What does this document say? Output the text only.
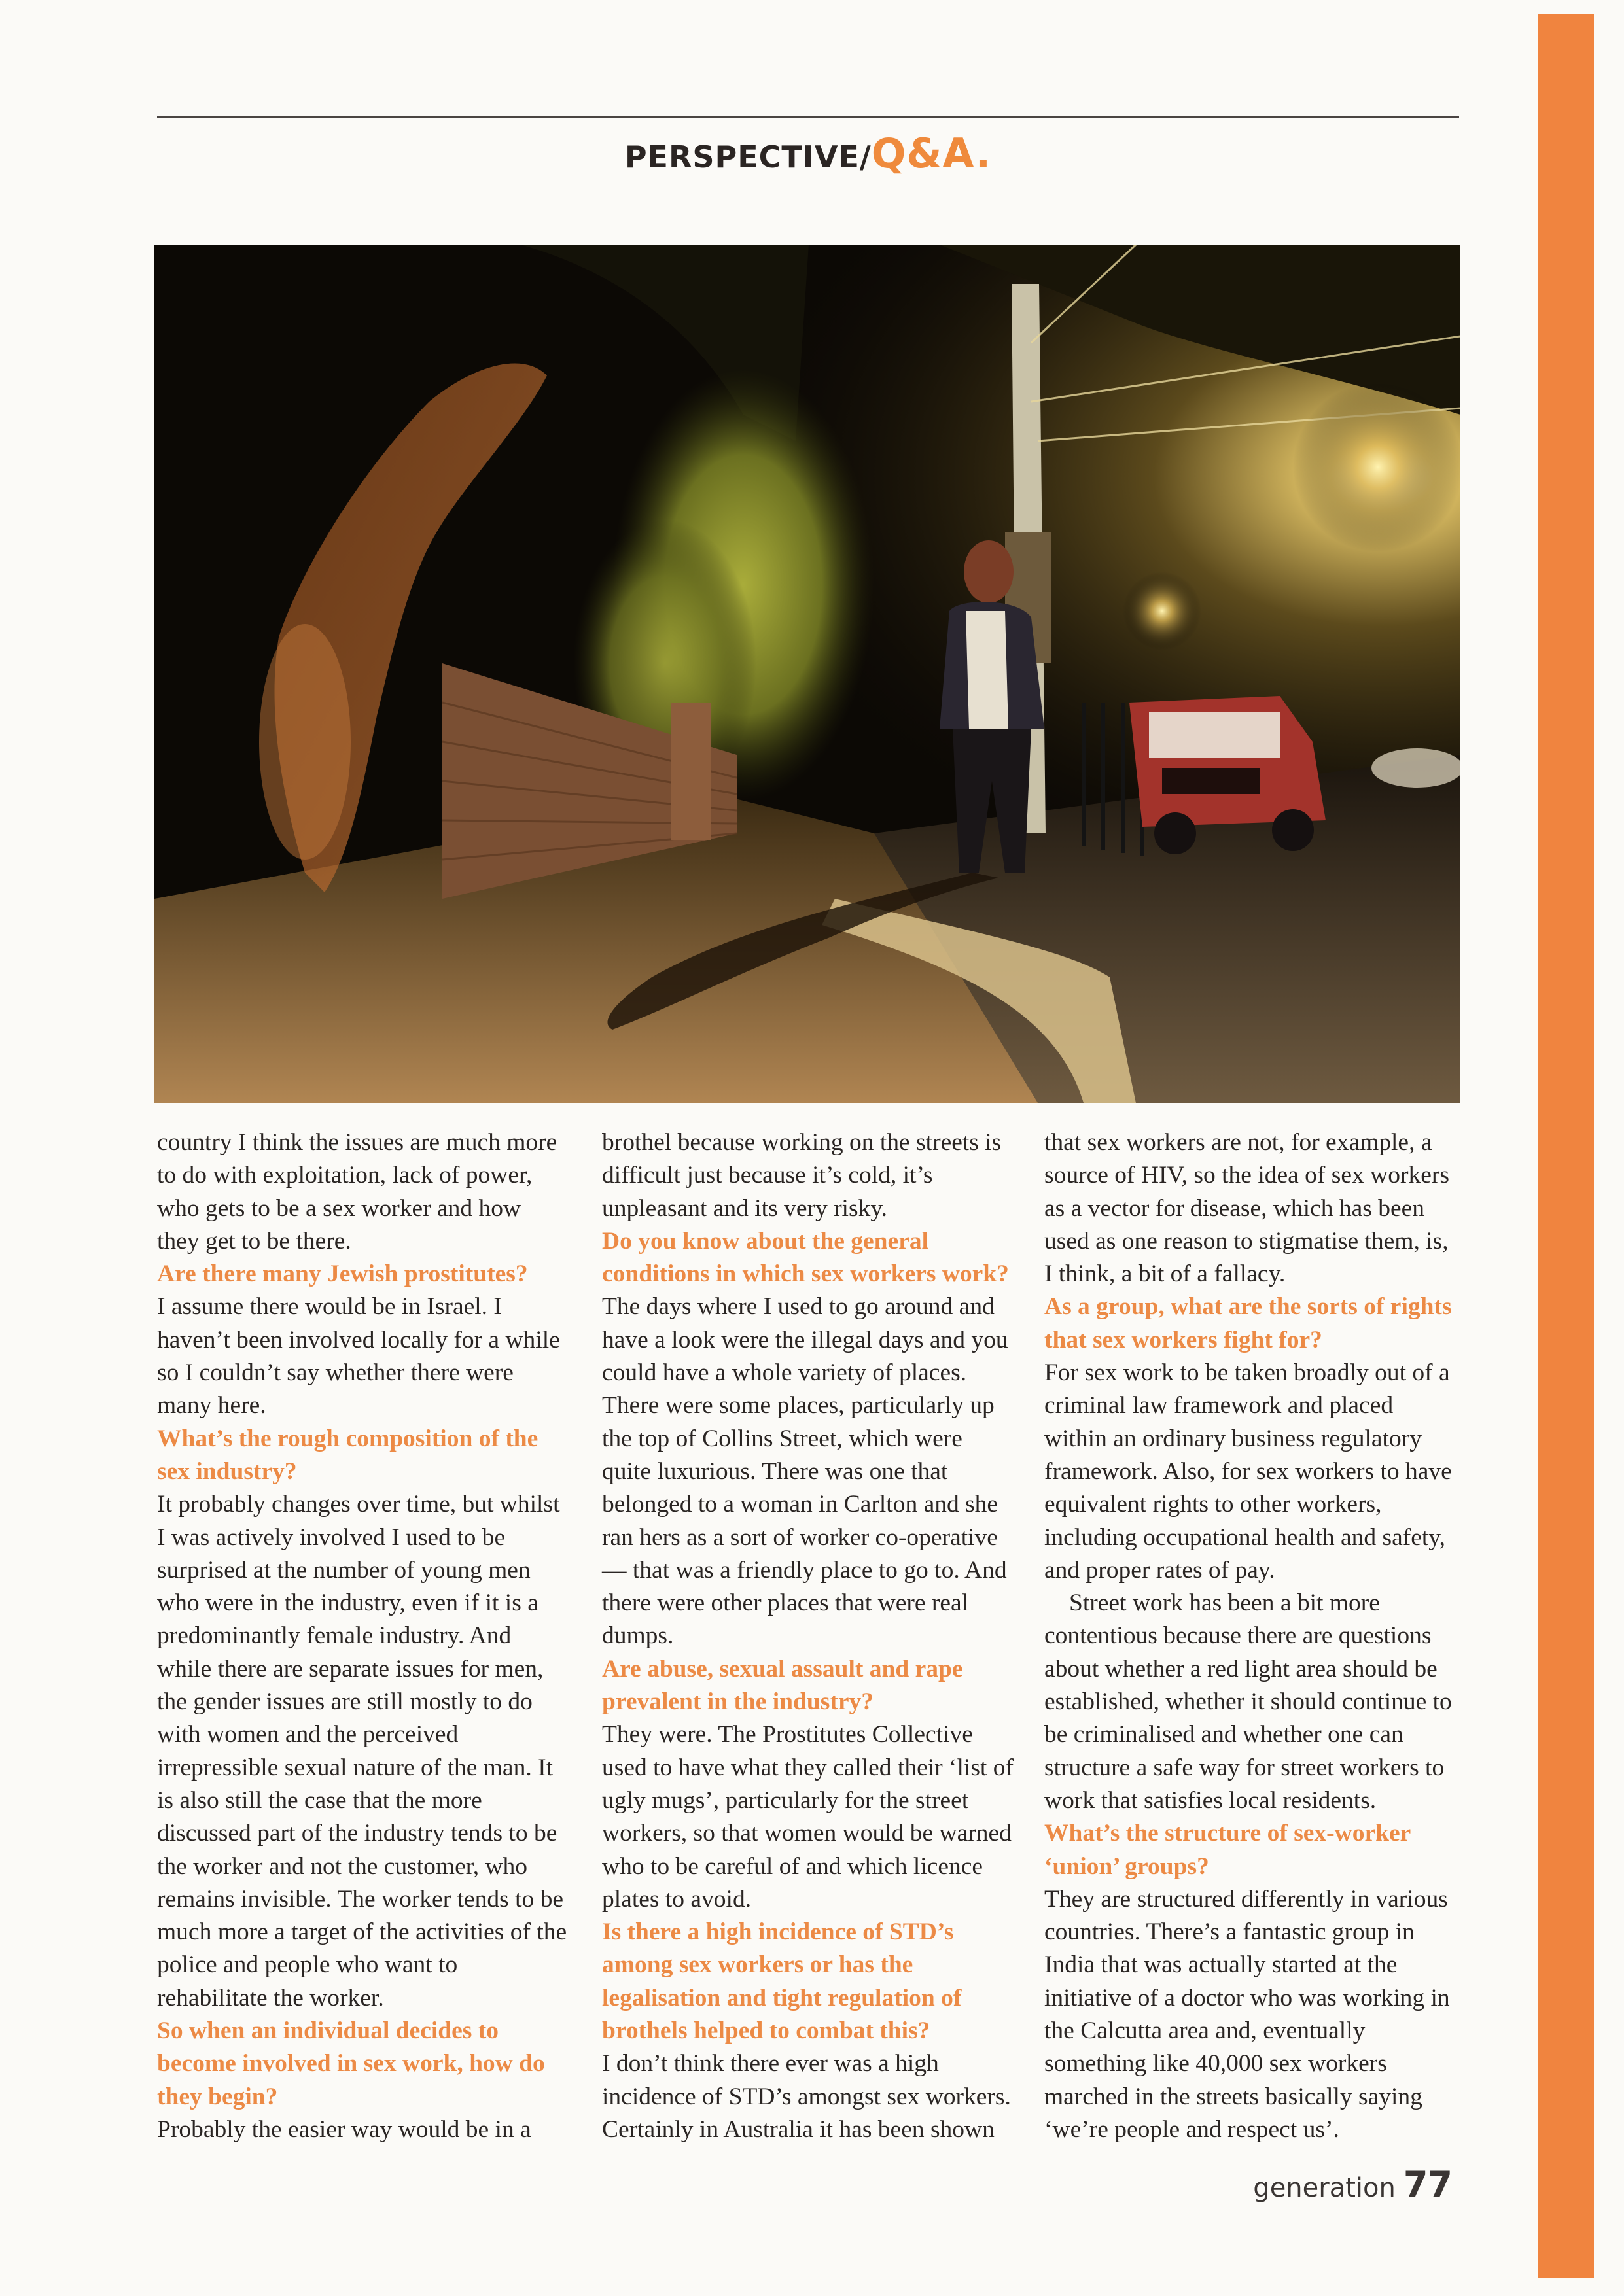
PERSPECTIVE/Q&A.

country I think the issues are much more to do with exploitation, lack of power, who gets to be a sex worker and how they get to be there.

Are there many Jewish prostitutes?

I assume there would be in Israel. I haven’t been involved locally for a while so I couldn’t say whether there were many here.

What’s the rough composition of the sex industry?

It probably changes over time, but whilst I was actively involved I used to be surprised at the number of young men who were in the industry, even if it is a predominantly female industry. And while there are separate issues for men, the gender issues are still mostly to do with women and the perceived irrepressible sexual nature of the man. It is also still the case that the more discussed part of the industry tends to be the worker and not the customer, who remains invisible. The worker tends to be much more a target of the activities of the police and people who want to rehabilitate the worker.

So when an individual decides to become involved in sex work, how do they begin?

Probably the easier way would be in a

brothel because working on the streets is difficult just because it’s cold, it’s unpleasant and its very risky.

Do you know about the general conditions in which sex workers work?

The days where I used to go around and have a look were the illegal days and you could have a whole variety of places. There were some places, particularly up the top of Collins Street, which were quite luxurious. There was one that belonged to a woman in Carlton and she ran hers as a sort of worker co-operative — that was a friendly place to go to. And there were other places that were real dumps.

Are abuse, sexual assault and rape prevalent in the industry?

They were. The Prostitutes Collective used to have what they called their ‘list of ugly mugs’, particularly for the street workers, so that women would be warned who to be careful of and which licence plates to avoid.

Is there a high incidence of STD’s among sex workers or has the legalisation and tight regulation of brothels helped to combat this?

I don’t think there ever was a high incidence of STD’s amongst sex workers. Certainly in Australia it has been shown

that sex workers are not, for example, a source of HIV, so the idea of sex workers as a vector for disease, which has been used as one reason to stigmatise them, is, I think, a bit of a fallacy.

As a group, what are the sorts of rights that sex workers fight for?

For sex work to be taken broadly out of a criminal law framework and placed within an ordinary business regulatory framework. Also, for sex workers to have equivalent rights to other workers, including occupational health and safety, and proper rates of pay.

Street work has been a bit more contentious because there are questions about whether a red light area should be established, whether it should continue to be criminalised and whether one can structure a safe way for street workers to work that satisfies local residents.

What’s the structure of sex-worker ‘union’ groups?

They are structured differently in various countries. There’s a fantastic group in India that was actually started at the initiative of a doctor who was working in the Calcutta area and, eventually something like 40,000 sex workers marched in the streets basically saying ‘we’re people and respect us’.

generation 77
